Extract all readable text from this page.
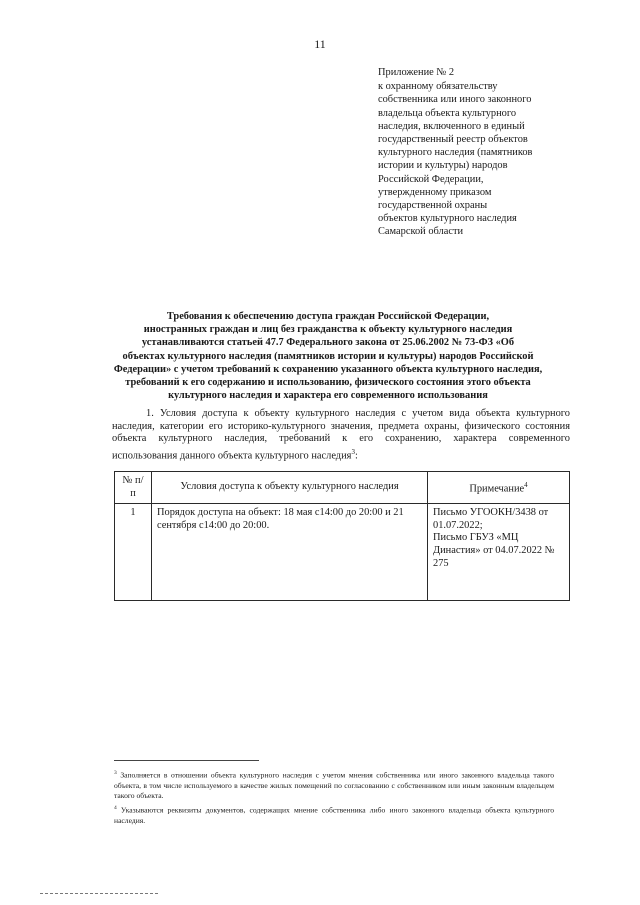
11
Приложение № 2
к охранному обязательству
собственника или иного законного
владельца объекта культурного
наследия, включенного в единый
государственный реестр объектов
культурного наследия (памятников
истории и культуры) народов
Российской Федерации,
утвержденному приказом
государственной охраны
объектов культурного наследия
Самарской области
Требования к обеспечению доступа граждан Российской Федерации,
иностранных граждан и лиц без гражданства к объекту культурного наследия
устанавливаются статьей 47.7 Федерального закона от 25.06.2002 № 73-ФЗ «Об
объектах культурного наследия (памятников истории и культуры) народов Российской
Федерации» с учетом требований к сохранению указанного объекта культурного наследия,
требований к его содержанию и использованию, физического состояния этого объекта
культурного наследия и характера его современного использования
1. Условия доступа к объекту культурного наследия с учетом вида объекта культурного
наследия, категории его историко-культурного значения, предмета охраны, физического состояния
объекта культурного наследия, требований к его сохранению, характера современного
использования данного объекта культурного наследия$^3$:
№ п/п	Условия доступа к объекту культурного наследия	Примечание$^4$
1	Порядок доступа на объект: 18 мая с14:00 до 20:00 и 21 сентября с14:00 до 20:00.	Письмо УГООКН/3438 от 01.07.2022;
Письмо ГБУЗ «МЦ Династия» от 04.07.2022 № 275
$^3$ Заполняется в отношении объекта культурного наследия с учетом мнения собственника или иного законного владельца такого объекта, в том числе используемого в качестве жилых помещений по согласованию с собственником или иным законным владельцем такого объекта.
$^4$ Указываются реквизиты документов, содержащих мнение собственника либо иного законного владельца объекта культурного наследия.
